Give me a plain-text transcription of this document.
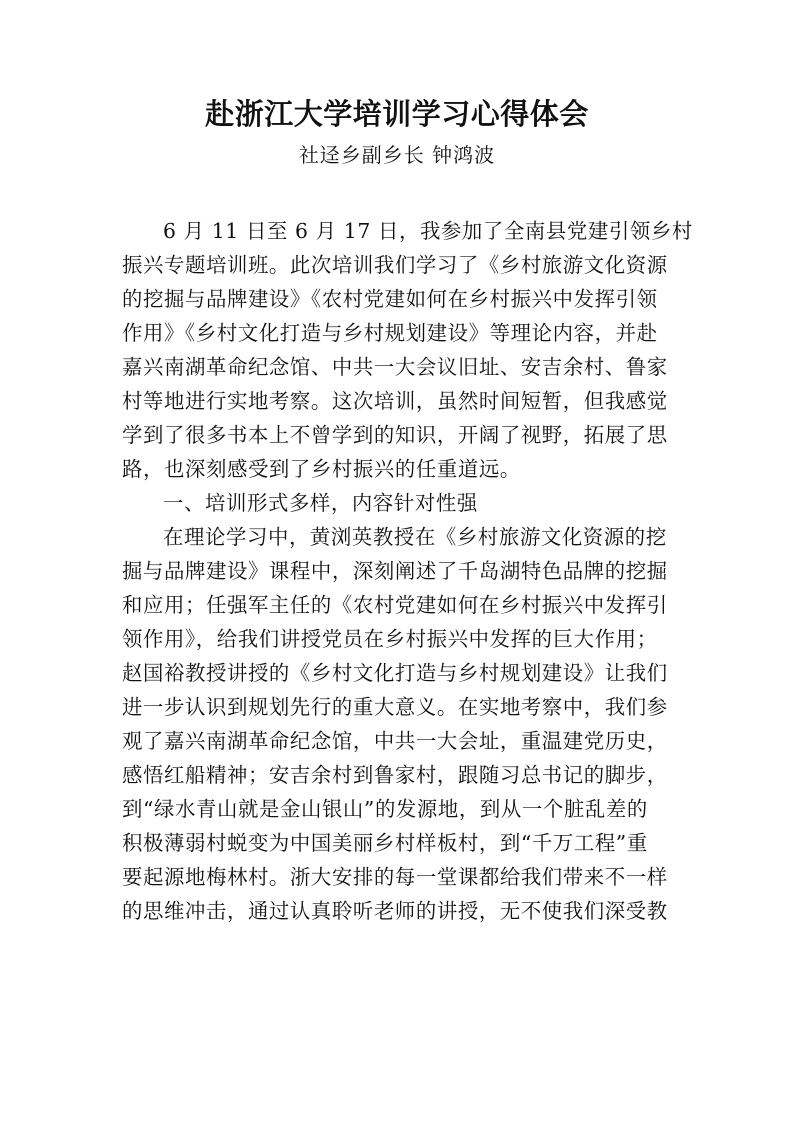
赴浙江大学培训学习心得体会
社迳乡副乡长 钟鸿波
6 月 11 日至 6 月 17 日，我参加了全南县党建引领乡村
振兴专题培训班。此次培训我们学习了《乡村旅游文化资源
的挖掘与品牌建设》《农村党建如何在乡村振兴中发挥引领
作用》《乡村文化打造与乡村规划建设》等理论内容，并赴
嘉兴南湖革命纪念馆、中共一大会议旧址、安吉余村、鲁家
村等地进行实地考察。这次培训，虽然时间短暂，但我感觉
学到了很多书本上不曾学到的知识，开阔了视野，拓展了思
路，也深刻感受到了乡村振兴的任重道远。
一、培训形式多样，内容针对性强
在理论学习中，黄浏英教授在《乡村旅游文化资源的挖
掘与品牌建设》课程中，深刻阐述了千岛湖特色品牌的挖掘
和应用；任强军主任的《农村党建如何在乡村振兴中发挥引
领作用》，给我们讲授党员在乡村振兴中发挥的巨大作用；
赵国裕教授讲授的《乡村文化打造与乡村规划建设》让我们
进一步认识到规划先行的重大意义。在实地考察中，我们参
观了嘉兴南湖革命纪念馆，中共一大会址，重温建党历史，
感悟红船精神；安吉余村到鲁家村，跟随习总书记的脚步，
到“绿水青山就是金山银山”的发源地，到从一个脏乱差的
积极薄弱村蜕变为中国美丽乡村样板村，到“千万工程”重
要起源地梅林村。浙大安排的每一堂课都给我们带来不一样
的思维冲击，通过认真聆听老师的讲授，无不使我们深受教
